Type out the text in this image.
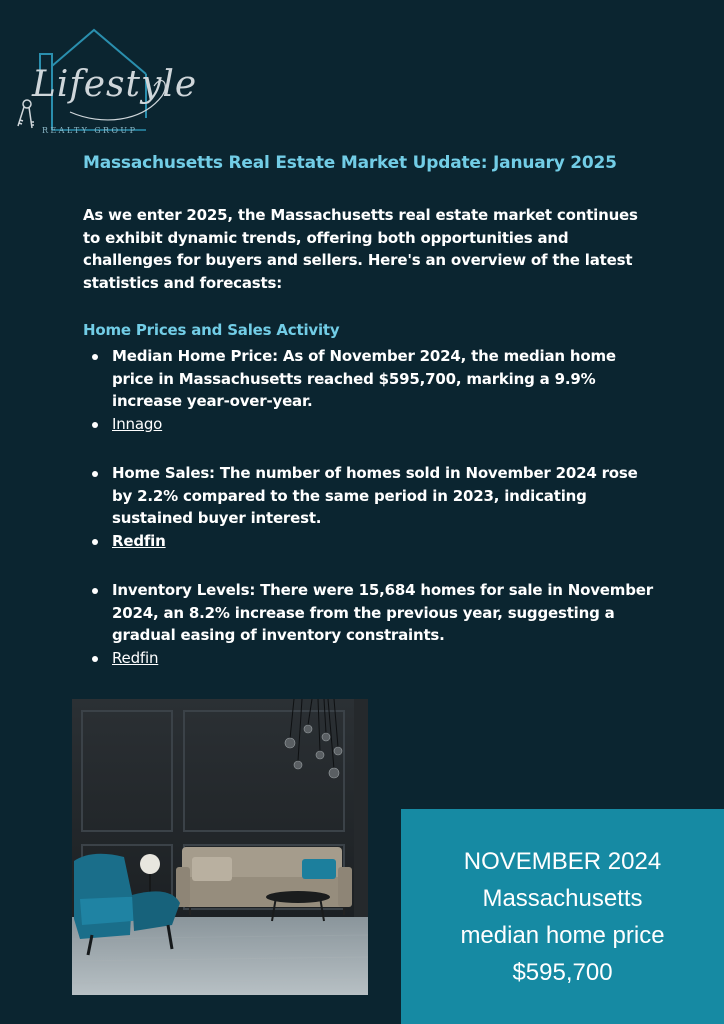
Lifestyle
REALTY GROUP
Massachusetts Real Estate Market Update: January 2025

As we enter 2025, the Massachusetts real estate market continues to exhibit dynamic trends, offering both opportunities and challenges for buyers and sellers. Here's an overview of the latest statistics and forecasts:

Home Prices and Sales Activity
Median Home Price: As of November 2024, the median home price in Massachusetts reached $595,700, marking a 9.9% increase year-over-year.
Innago
Home Sales: The number of homes sold in November 2024 rose by 2.2% compared to the same period in 2023, indicating sustained buyer interest.
Redfin
Inventory Levels: There were 15,684 homes for sale in November 2024, an 8.2% increase from the previous year, suggesting a gradual easing of inventory constraints.
Redfin
NOVEMBER 2024
Massachusetts
median home price
$595,700
